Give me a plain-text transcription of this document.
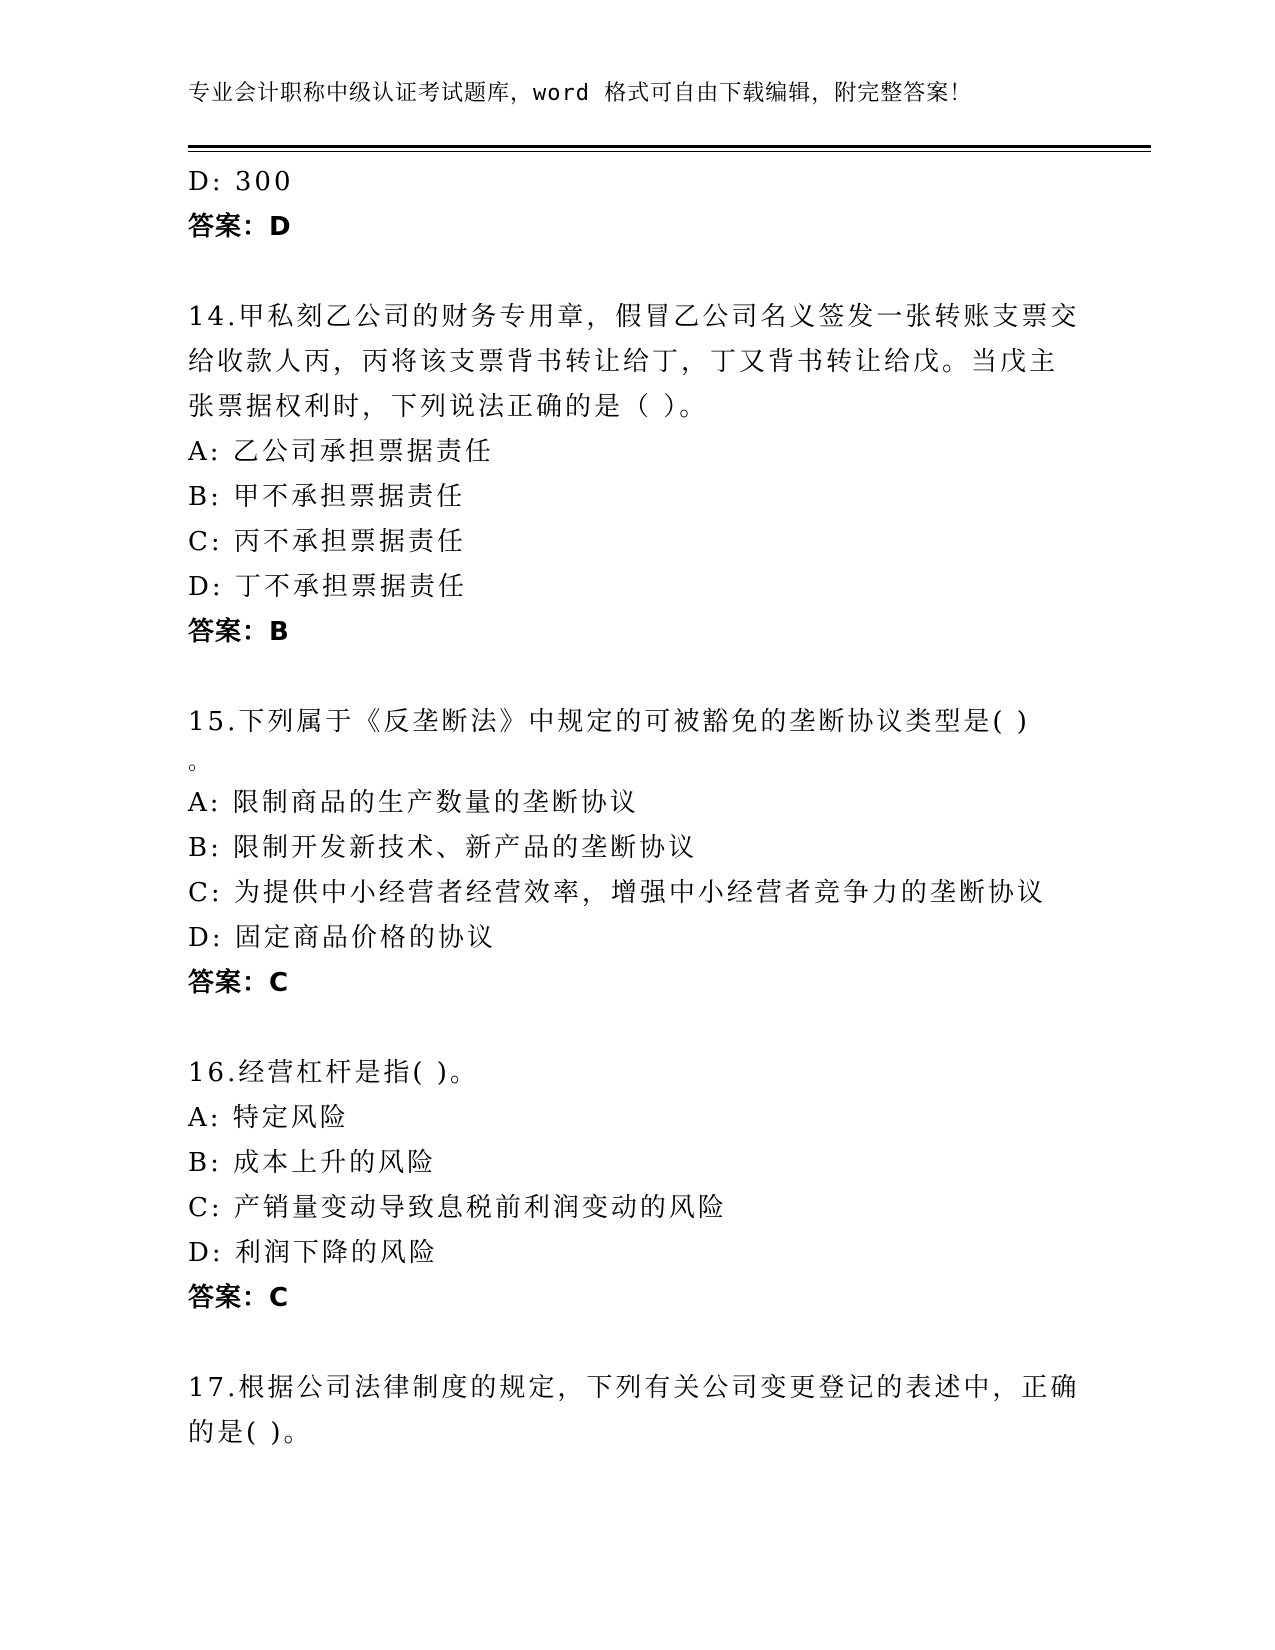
专业会计职称中级认证考试题库，word 格式可自由下载编辑，附完整答案！
D: 300
答案：D
14.甲私刻乙公司的财务专用章，假冒乙公司名义签发一张转账支票交
给收款人丙，丙将该支票背书转让给丁，丁又背书转让给戊。当戊主
张票据权利时，下列说法正确的是（ ）。
A: 乙公司承担票据责任
B: 甲不承担票据责任
C: 丙不承担票据责任
D: 丁不承担票据责任
答案：B
15.下列属于《反垄断法》中规定的可被豁免的垄断协议类型是( )
。
A: 限制商品的生产数量的垄断协议
B: 限制开发新技术、新产品的垄断协议
C: 为提供中小经营者经营效率，增强中小经营者竞争力的垄断协议
D: 固定商品价格的协议
答案：C
16.经营杠杆是指( )。
A: 特定风险
B: 成本上升的风险
C: 产销量变动导致息税前利润变动的风险
D: 利润下降的风险
答案：C
17.根据公司法律制度的规定，下列有关公司变更登记的表述中，正确
的是( )。
